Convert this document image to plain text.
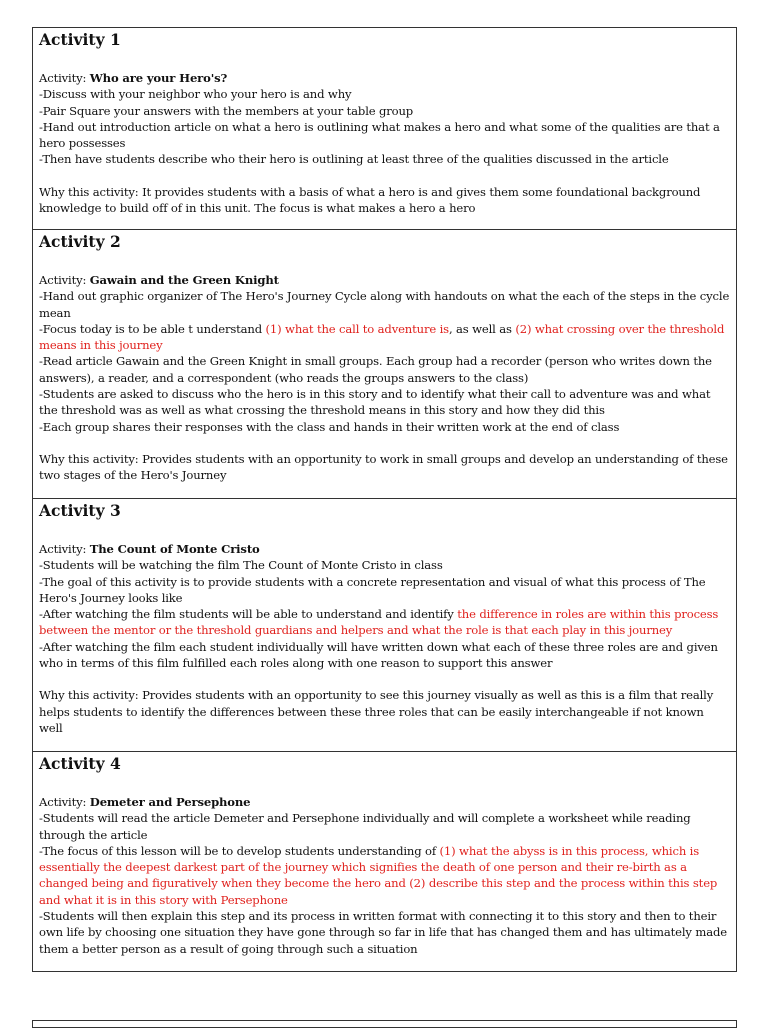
Activity 1

Activity: Who are your Hero's?

-Discuss with your neighbor who your hero is and why

-Pair Square your answers with the members at your table group

-Hand out introduction article on what a hero is outlining what makes a hero and what some of the qualities are that a hero possesses

-Then have students describe who their hero is outlining at least three of the qualities discussed in the article

Why this activity: It provides students with a basis of what a hero is and gives them some foundational background knowledge to build off of in this unit. The focus is what makes a hero a hero

Activity 2

Activity: Gawain and the Green Knight

-Hand out graphic organizer of The Hero's Journey Cycle along with handouts on what the each of the steps in the cycle mean

-Focus today is to be able t understand (1) what the call to adventure is, as well as (2) what crossing over the threshold means in this journey

-Read article Gawain and the Green Knight in small groups. Each group had a recorder (person who writes down the answers), a reader, and a correspondent (who reads the groups answers to the class)

-Students are asked to discuss who the hero is in this story and to identify what their call to adventure was and what the threshold was as well as what crossing the threshold means in this story and how they did this

-Each group shares their responses with the class and hands in their written work at the end of class

Why this activity: Provides students with an opportunity to work in small groups and develop an understanding of these two stages of the Hero's Journey

Activity 3

Activity: The Count of Monte Cristo

-Students will be watching the film The Count of Monte Cristo in class

-The goal of this activity is to provide students with a concrete representation and visual of what this process of The Hero's Journey looks like

-After watching the film students will be able to understand and identify the difference in roles are within this process between the mentor or the threshold guardians and helpers and what the role is that each play in this journey

-After watching the film each student individually will have written down what each of these three roles are and given who in terms of this film fulfilled each roles along with one reason to support this answer

Why this activity: Provides students with an opportunity to see this journey visually as well as this is a film that really helps students to identify the differences between these three roles that can be easily interchangeable if not known well

Activity 4

Activity: Demeter and Persephone

-Students will read the article Demeter and Persephone individually and will complete a worksheet while reading through the article

-The focus of this lesson will be to develop students understanding of (1) what the abyss is in this process, which is essentially the deepest darkest part of the journey which signifies the death of one person and their re-birth as a changed being and figuratively when they become the hero and (2) describe this step and the process within this step and what it is in this story with Persephone

-Students will then explain this step and its process in written format with connecting it to this story and then to their own life by choosing one situation they have gone through so far in life that has changed them and has ultimately made them a better person as a result of going through such a situation
